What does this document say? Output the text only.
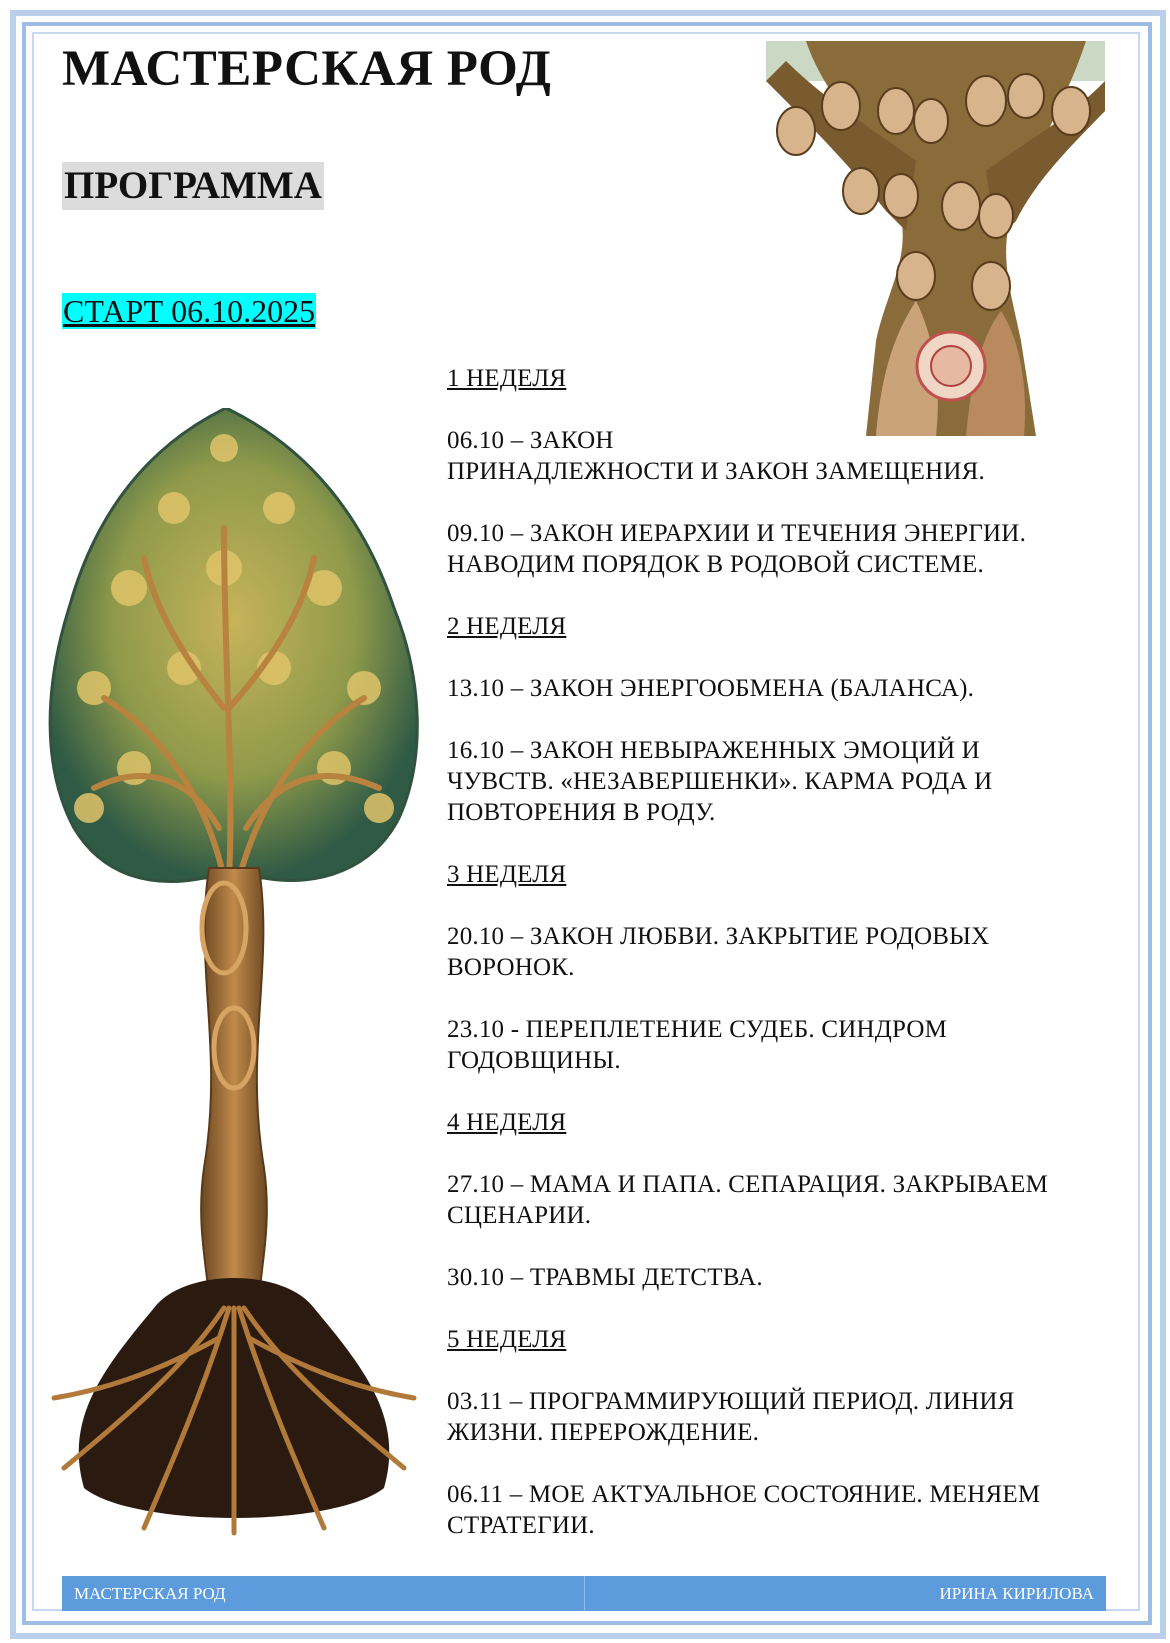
МАСТЕРСКАЯ РОД
ПРОГРАММА
СТАРТ 06.10.2025
1 НЕДЕЛЯ
06.10 – ЗАКОН
ПРИНАДЛЕЖНОСТИ И ЗАКОН ЗАМЕЩЕНИЯ.
09.10 – ЗАКОН ИЕРАРХИИ И ТЕЧЕНИЯ ЭНЕРГИИ.
НАВОДИМ ПОРЯДОК В РОДОВОЙ СИСТЕМЕ.
2 НЕДЕЛЯ
13.10 – ЗАКОН ЭНЕРГООБМЕНА (БАЛАНСА).
16.10 – ЗАКОН НЕВЫРАЖЕННЫХ ЭМОЦИЙ И
ЧУВСТВ. «НЕЗАВЕРШЕНКИ». КАРМА РОДА И
ПОВТОРЕНИЯ В РОДУ.
3 НЕДЕЛЯ
20.10 – ЗАКОН ЛЮБВИ. ЗАКРЫТИЕ РОДОВЫХ
ВОРОНОК.
23.10 - ПЕРЕПЛЕТЕНИЕ СУДЕБ. СИНДРОМ
ГОДОВЩИНЫ.
4 НЕДЕЛЯ
27.10 – МАМА И ПАПА. СЕПАРАЦИЯ. ЗАКРЫВАЕМ
СЦЕНАРИИ.
30.10 – ТРАВМЫ ДЕТСТВА.
5 НЕДЕЛЯ
03.11 – ПРОГРАММИРУЮЩИЙ ПЕРИОД. ЛИНИЯ
ЖИЗНИ. ПЕРЕРОЖДЕНИЕ.
06.11 – МОЕ АКТУАЛЬНОЕ СОСТОЯНИЕ. МЕНЯЕМ
СТРАТЕГИИ.
МАСТЕРСКАЯ РОД	ИРИНА КИРИЛОВА
